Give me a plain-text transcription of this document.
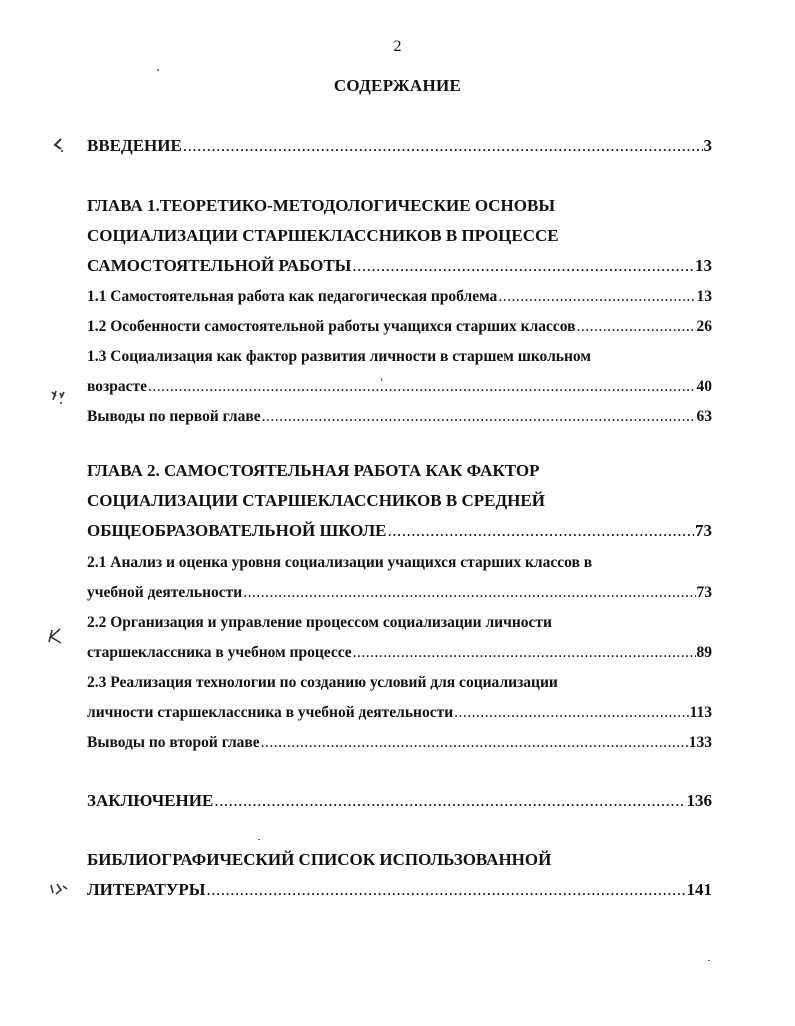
2
СОДЕРЖАНИЕ
ВВЕДЕНИЕ .....	3
ГЛАВА 1.ТЕОРЕТИКО-МЕТОДОЛОГИЧЕСКИЕ ОСНОВЫ
СОЦИАЛИЗАЦИИ СТАРШЕКЛАССНИКОВ В ПРОЦЕССЕ
САМОСТОЯТЕЛЬНОЙ РАБОТЫ .....	13
1.1 Самостоятельная работа как педагогическая проблема .....	13
1.2 Особенности самостоятельной работы учащихся старших классов .....	26
1.3 Социализация как фактор развития личности в старшем школьном
возрасте .....	40
Выводы по первой главе .....	63
ГЛАВА 2. САМОСТОЯТЕЛЬНАЯ РАБОТА КАК ФАКТОР
СОЦИАЛИЗАЦИИ СТАРШЕКЛАССНИКОВ В СРЕДНЕЙ
ОБЩЕОБРАЗОВАТЕЛЬНОЙ ШКОЛЕ .....	73
2.1 Анализ и оценка уровня социализации учащихся старших классов в
учебной деятельности .....	73
2.2 Организация и управление процессом социализации личности
старшеклассника в учебном процессе .....	89
2.3 Реализация технологии по созданию условий для социализации
личности старшеклассника в учебной деятельности .....	113
Выводы по второй главе .....	133
ЗАКЛЮЧЕНИЕ .....	136
БИБЛИОГРАФИЧЕСКИЙ СПИСОК ИСПОЛЬЗОВАННОЙ
ЛИТЕРАТУРЫ .....	141
